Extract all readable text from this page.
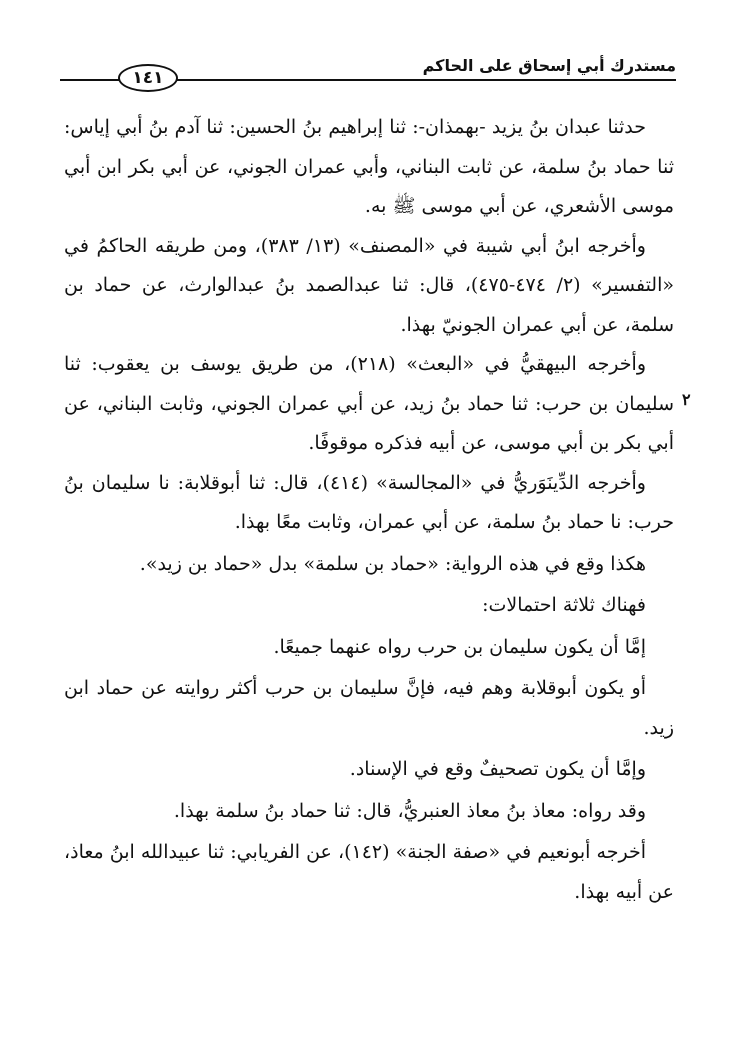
مستدرك أبي إسحاق على الحاكم
١٤١
٢

حدثنا عبدان بنُ يزيد -بهمذان-: ثنا إبراهيم بنُ الحسين: ثنا آدم بنُ أبي إياس: ثنا حماد بنُ سلمة، عن ثابت البناني، وأبي عمران الجوني، عن أبي بكر ابن أبي موسى الأشعري، عن أبي موسى ﷺ به.

وأخرجه ابنُ أبي شيبة في «المصنف» (١٣/ ٣٨٣)، ومن طريقه الحاكمُ في «التفسير» (٢/ ٤٧٤-٤٧٥)، قال: ثنا عبدالصمد بنُ عبدالوارث، عن حماد بن سلمة، عن أبي عمران الجونيّ بهذا.

وأخرجه البيهقيُّ في «البعث» (٢١٨)، من طريق يوسف بن يعقوب: ثنا سليمان بن حرب: ثنا حماد بنُ زيد، عن أبي عمران الجوني، وثابت البناني، عن أبي بكر بن أبي موسى، عن أبيه فذكره موقوفًا.

وأخرجه الدِّينَوَريُّ في «المجالسة» (٤١٤)، قال: ثنا أبوقلابة: نا سليمان بنُ حرب: نا حماد بنُ سلمة، عن أبي عمران، وثابت معًا بهذا.

هكذا وقع في هذه الرواية: «حماد بن سلمة» بدل «حماد بن زيد».

فهناك ثلاثة احتمالات:

إمَّا أن يكون سليمان بن حرب رواه عنهما جميعًا.

أو يكون أبوقلابة وهم فيه، فإنَّ سليمان بن حرب أكثر روايته عن حماد ابن زيد.

وإمَّا أن يكون تصحيفٌ وقع في الإسناد.

وقد رواه: معاذ بنُ معاذ العنبريُّ، قال: ثنا حماد بنُ سلمة بهذا.

أخرجه أبونعيم في «صفة الجنة» (١٤٢)، عن الفريابي: ثنا عبيدالله ابنُ معاذ، عن أبيه بهذا.
